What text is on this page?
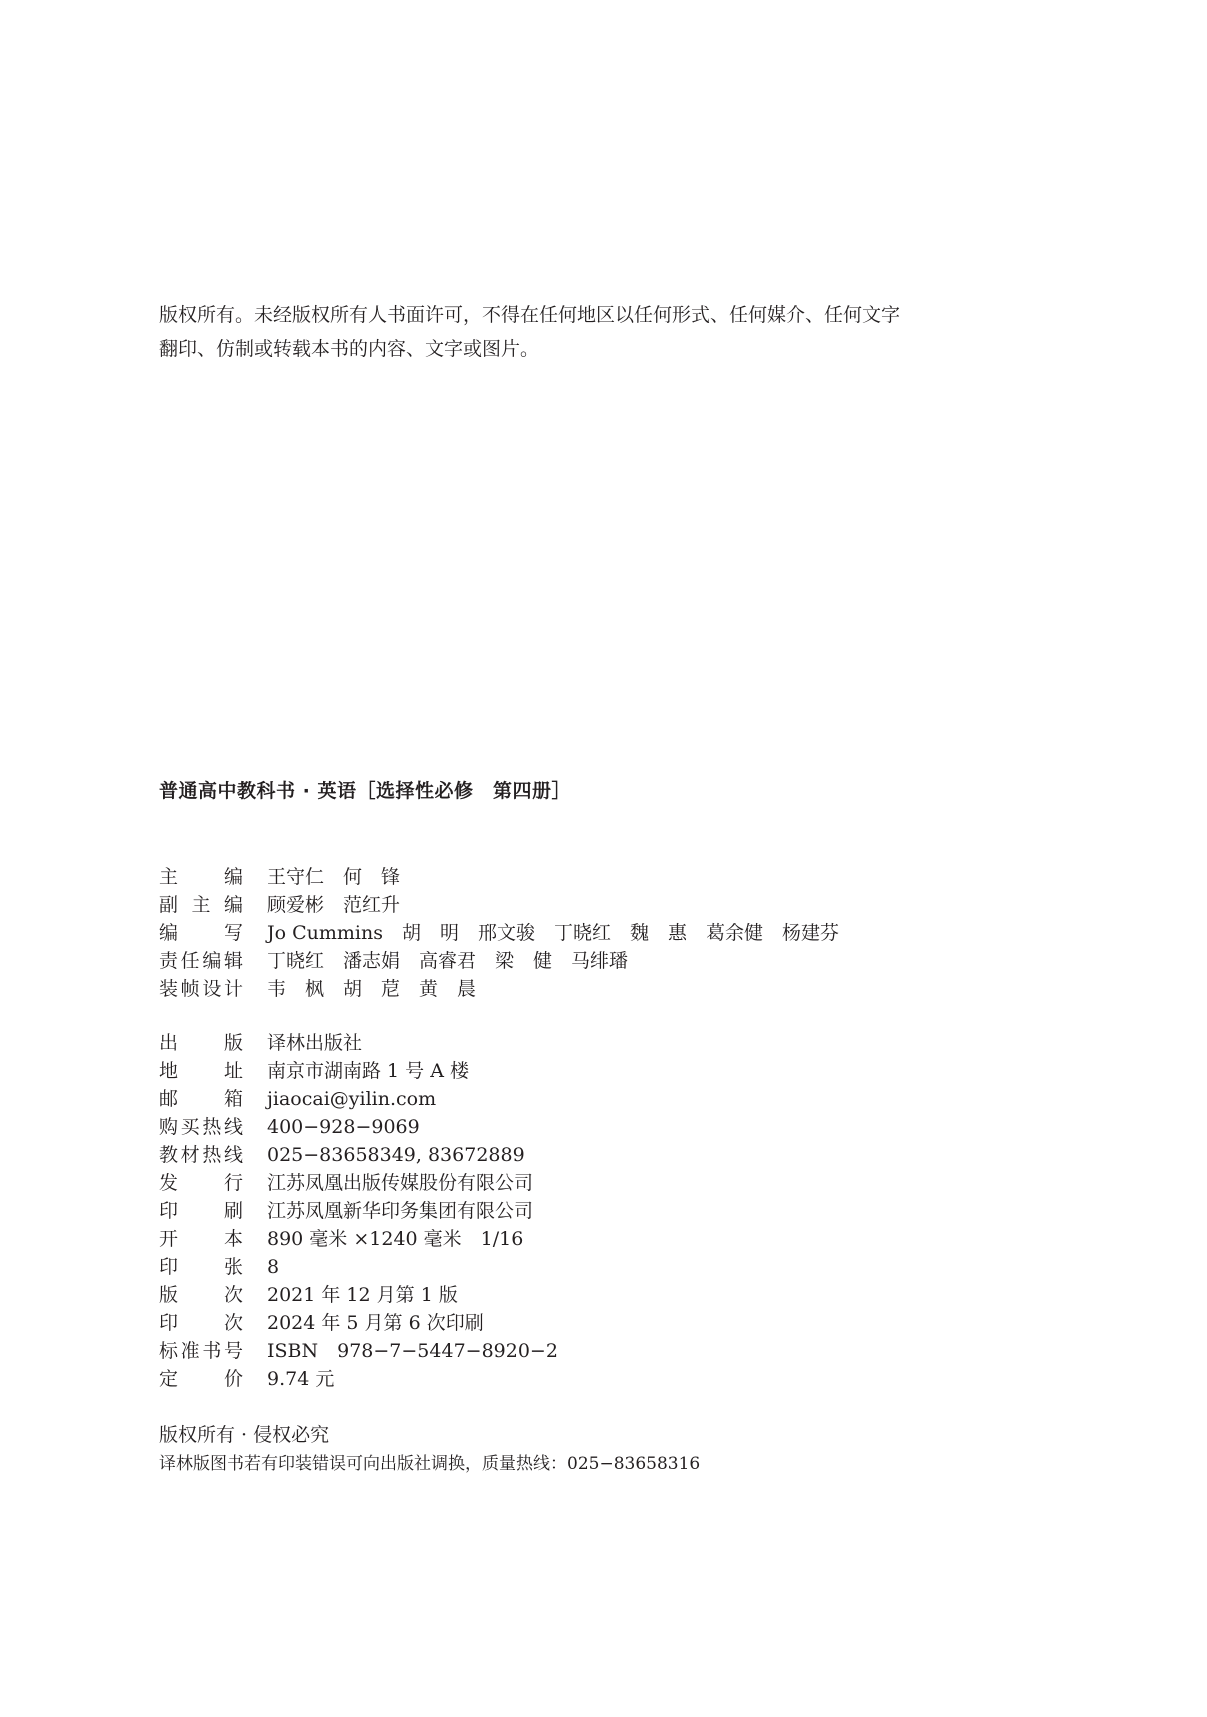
版权所有。未经版权所有人书面许可，不得在任何地区以任何形式、任何媒介、任何文字

翻印、仿制或转载本书的内容、文字或图片。

普通高中教科书 · 英语［选择性必修　第四册］
主编 王守仁　何　锋
副主编 顾爱彬　范红升
编写 Jo Cummins　胡　明　邢文骏　丁晓红　魏　惠　葛余健　杨建芬
责任编辑 丁晓红　潘志娟　高睿君　梁　健　马绯璠
装帧设计 韦　枫　胡　苨　黄　晨
出版 译林出版社
地址 南京市湖南路 1 号 A 楼
邮箱 jiaocai@yilin.com
购买热线 400−928−9069
教材热线 025−83658349, 83672889
发行 江苏凤凰出版传媒股份有限公司
印刷 江苏凤凰新华印务集团有限公司
开本 890 毫米 ×1240 毫米　1/16
印张 8
版次 2021 年 12 月第 1 版
印次 2024 年 5 月第 6 次印刷
标准书号 ISBN　978−7−5447−8920−2
定价 9.74 元
版权所有 · 侵权必究
译林版图书若有印装错误可向出版社调换，质量热线：025−83658316
